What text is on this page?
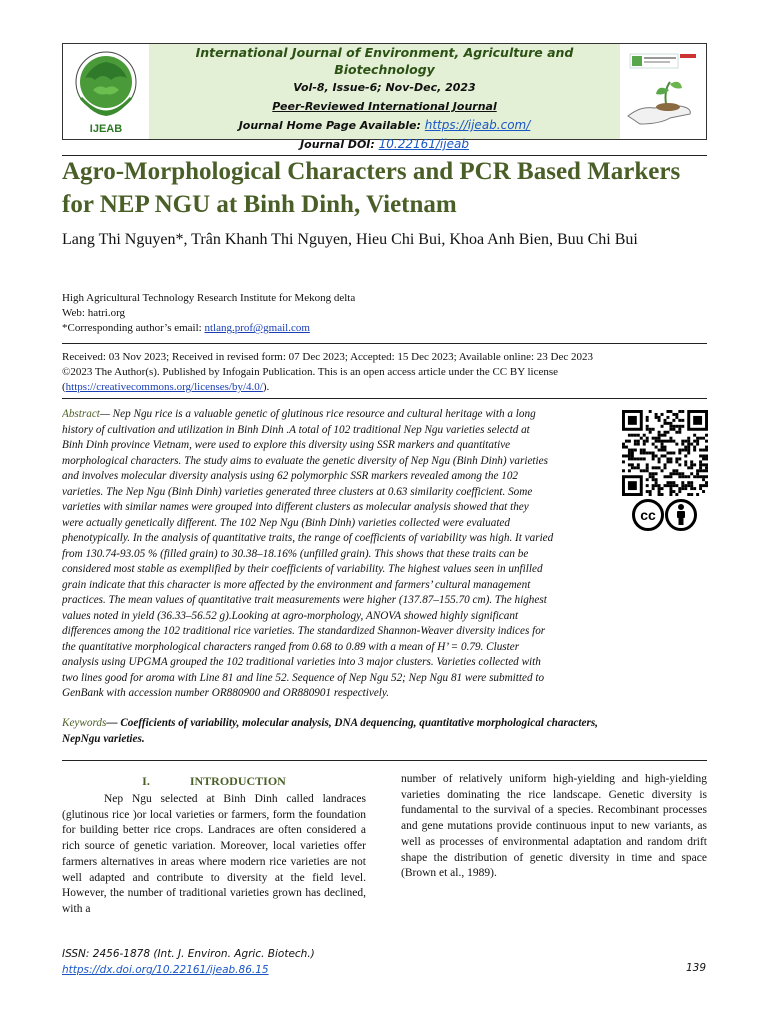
IJEAB
International Journal of Environment, Agriculture and Biotechnology
Vol-8, Issue-6; Nov-Dec, 2023
Peer-Reviewed International Journal
Journal Home Page Available: https://ijeab.com/
Journal DOI: 10.22161/ijeab
Agro-Morphological Characters and PCR Based Markers for NEP NGU at Binh Dinh, Vietnam
Lang Thi Nguyen*, Trân Khanh Thi Nguyen, Hieu Chi Bui, Khoa Anh Bien, Buu Chi Bui
High Agricultural Technology Research Institute for Mekong delta
Web: hatri.org
*Corresponding author’s email: ntlang.prof@gmail.com
Received: 03 Nov 2023; Received in revised form: 07 Dec 2023; Accepted: 15 Dec 2023; Available online: 23 Dec 2023
©2023 The Author(s). Published by Infogain Publication. This is an open access article under the CC BY license
(https://creativecommons.org/licenses/by/4.0/).
Abstract— Nep Ngu rice is a valuable genetic of glutinous rice resource and cultural heritage with a long
history of cultivation and utilization in Binh Dinh .A total of 102 traditional Nep Ngu varieties selectd at
Binh Dinh province Vietnam, were used to explore this diversity using SSR markers and quantitative
morphological characters. The study aims to evaluate the genetic diversity of Nep Ngu (Binh Dinh) varieties
and involves molecular diversity analysis using 62 polymorphic SSR markers revealed among the 102
varieties. The Nep Ngu (Binh Dinh) varieties generated three clusters at 0.63 similarity coefficient. Some
varieties with similar names were grouped into different clusters as molecular analysis showed that they
were actually genetically different. The 102 Nep Ngu (Binh Dinh) varieties collected were evaluated
phenotypically. In the analysis of quantitative traits, the range of coefficients of variability was high. It varied
from 130.74-93.05 % (filled grain) to 30.38–18.16% (unfilled grain). This shows that these traits can be
considered most stable as exemplified by their coefficients of variability. The highest values seen in unfilled
grain indicate that this character is more affected by the environment and farmers’ cultural management
practices. The mean values of quantitative trait measurements were higher (137.87–155.70 cm). The highest
values noted in yield (36.33–56.52 g).Looking at agro-morphology, ANOVA showed highly significant
differences among the 102 traditional rice varieties. The standardized Shannon-Weaver diversity indices for
the quantitative morphological characters ranged from 0.68 to 0.89 with a mean of H’ = 0.79. Cluster
analysis using UPGMA grouped the 102 traditional varieties into 3 major clusters. Varieties collected with
two lines good for aroma with Line 81 and line 52. Sequence of Nep Ngu 52; Nep Ngu 81 were submitted to
GenBank with accession number OR880900 and OR880901 respectively.
Keywords— Coefficients of variability, molecular analysis, DNA dequencing, quantitative morphological characters, NepNgu varieties.
cc
I.	INTRODUCTION

Nep Ngu selected at Binh Dinh called landraces (glutinous rice )or local varieties or farmers, form the foundation for building better rice crops. Landraces are often considered a rich source of genetic variation. Moreover, local varieties offer farmers alternatives in areas where modern rice varieties are not well adapted and contribute to diversity at the field level. However, the number of traditional varieties grown has declined, with a

number of relatively uniform high-yielding and high-yielding varieties dominating the rice landscape. Genetic diversity is fundamental to the survival of a species. Recombinant processes and gene mutations provide continuous input to new variants, as well as processes of environmental adaptation and random drift shape the distribution of genetic diversity in time and space (Brown et al., 1989).

ISSN: 2456-1878 (Int. J. Environ. Agric. Biotech.)
https://dx.doi.org/10.22161/ijeab.86.15	139
